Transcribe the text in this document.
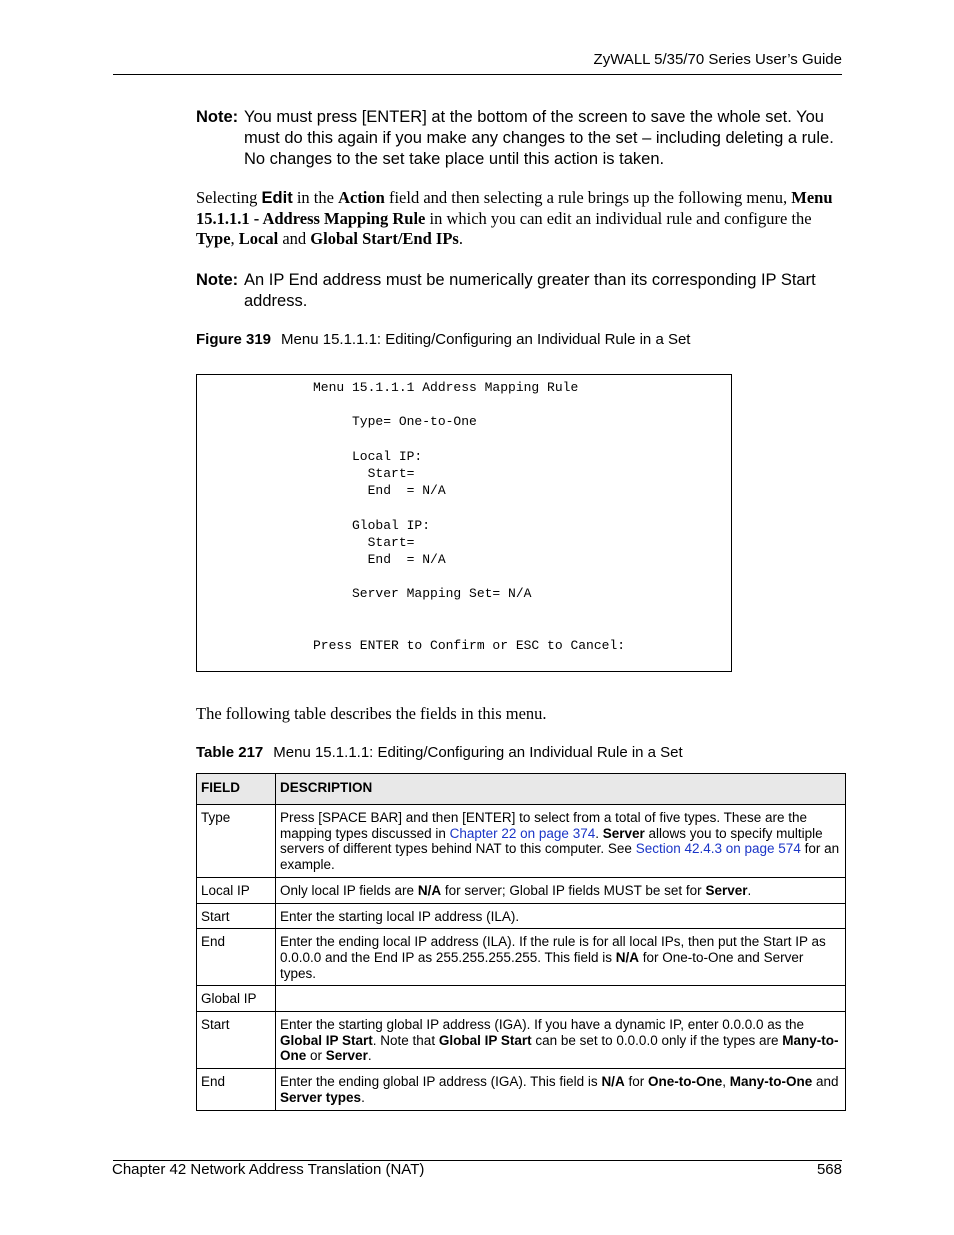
ZyWALL 5/35/70 Series User’s Guide
Note: You must press [ENTER] at the bottom of the screen to save the whole set. You must do this again if you make any changes to the set – including deleting a rule. No changes to the set take place until this action is taken.
Selecting Edit in the Action field and then selecting a rule brings up the following menu, Menu 15.1.1.1 - Address Mapping Rule in which you can edit an individual rule and configure the Type, Local and Global Start/End IPs.
Note: An IP End address must be numerically greater than its corresponding IP Start address.
Figure 319 Menu 15.1.1.1: Editing/Configuring an Individual Rule in a Set
Menu 15.1.1.1 Address Mapping Rule

Type= One-to-One

Local IP:
Start=
End  = N/A

Global IP:
Start=
End  = N/A

Server Mapping Set= N/A

Press ENTER to Confirm or ESC to Cancel:
The following table describes the fields in this menu.
Table 217 Menu 15.1.1.1: Editing/Configuring an Individual Rule in a Set
FIELD	DESCRIPTION
Type	Press [SPACE BAR] and then [ENTER] to select from a total of five types. These are the mapping types discussed in Chapter 22 on page 374. Server allows you to specify multiple servers of different types behind NAT to this computer. See Section 42.4.3 on page 574 for an example.
Local IP	Only local IP fields are N/A for server; Global IP fields MUST be set for Server.
Start	Enter the starting local IP address (ILA).
End	Enter the ending local IP address (ILA). If the rule is for all local IPs, then put the Start IP as 0.0.0.0 and the End IP as 255.255.255.255. This field is N/A for One-to-One and Server types.
Global IP	
Start	Enter the starting global IP address (IGA). If you have a dynamic IP, enter 0.0.0.0 as the Global IP Start. Note that Global IP Start can be set to 0.0.0.0 only if the types are Many-to-One or Server.
End	Enter the ending global IP address (IGA). This field is N/A for One-to-One, Many-to-One and Server types.
Chapter 42 Network Address Translation (NAT)	568
